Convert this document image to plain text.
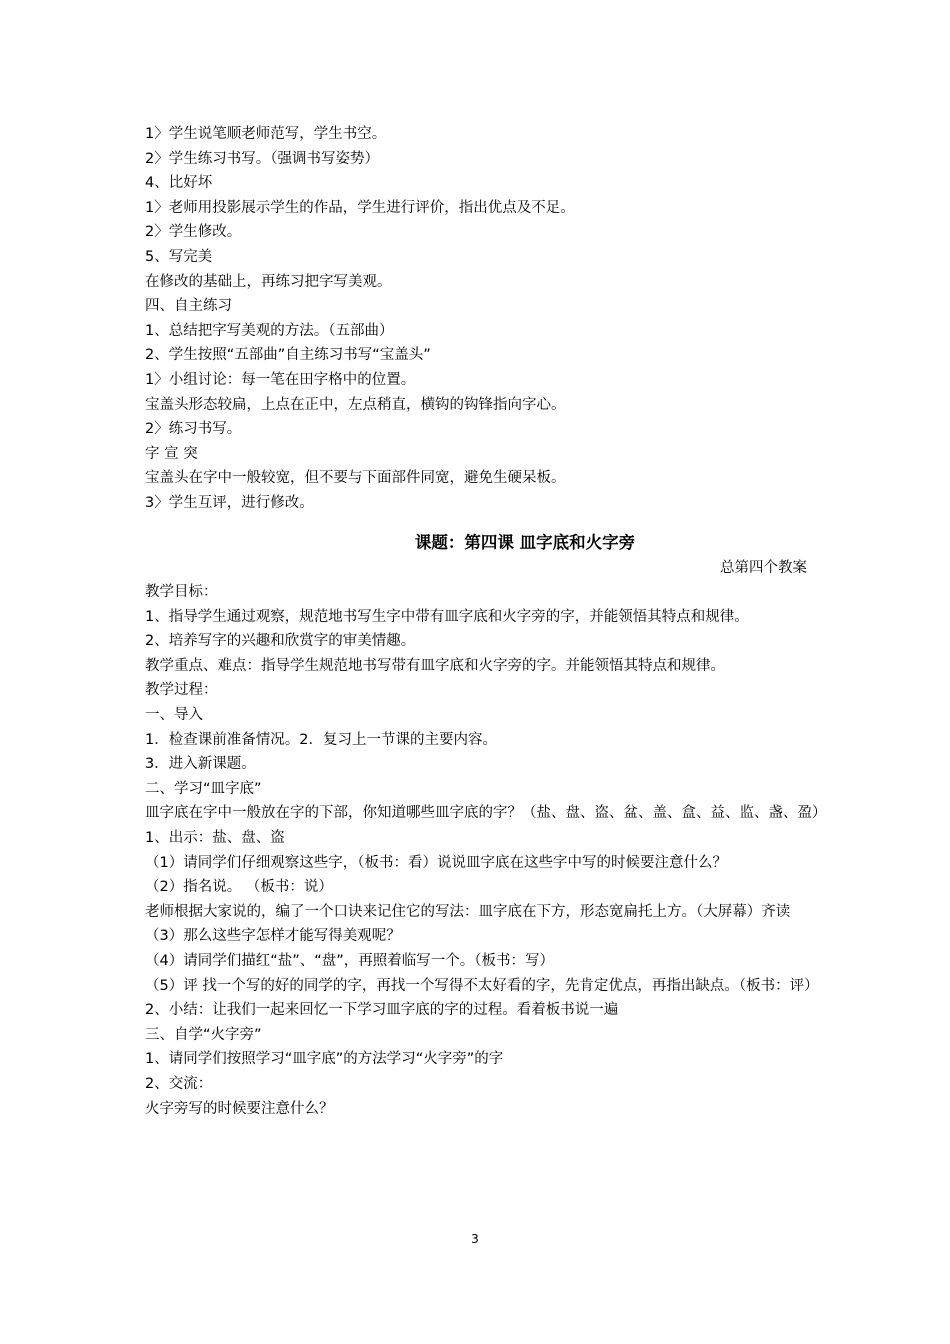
1〉学生说笔顺老师范写，学生书空。
2〉学生练习书写。（强调书写姿势）
4、比好坏
1〉老师用投影展示学生的作品，学生进行评价，指出优点及不足。
2〉学生修改。
5、写完美
在修改的基础上，再练习把字写美观。
四、自主练习
1、总结把字写美观的方法。（五部曲）
2、学生按照“五部曲”自主练习书写“宝盖头”
1〉小组讨论：每一笔在田字格中的位置。
宝盖头形态较扁，上点在正中，左点稍直，横钩的钩锋指向字心。
2〉练习书写。
字 宣 突
宝盖头在字中一般较宽，但不要与下面部件同宽，避免生硬呆板。
3〉学生互评，进行修改。
课题：第四课 皿字底和火字旁
总第四个教案
教学目标：
1、指导学生通过观察，规范地书写生字中带有皿字底和火字旁的字，并能领悟其特点和规律。
2、培养写字的兴趣和欣赏字的审美情趣。
教学重点、难点：指导学生规范地书写带有皿字底和火字旁的字。并能领悟其特点和规律。
教学过程：
一、导入
1．检查课前准备情况。2．复习上一节课的主要内容。
3．进入新课题。
二、学习“皿字底”
皿字底在字中一般放在字的下部，你知道哪些皿字底的字？（盐、盘、盗、盆、盖、盒、益、监、盏、盈）
1、出示：盐、盘、盗
（1）请同学们仔细观察这些字，（板书：看）说说皿字底在这些字中写的时候要注意什么？
（2）指名说。 （板书：说）
老师根据大家说的，编了一个口诀来记住它的写法：皿字底在下方，形态宽扁托上方。（大屏幕）齐读
（3）那么这些字怎样才能写得美观呢？
（4）请同学们描红“盐”、“盘”，再照着临写一个。（板书：写）
（5）评 找一个写的好的同学的字，再找一个写得不太好看的字，先肯定优点，再指出缺点。（板书：评）
2、小结：让我们一起来回忆一下学习皿字底的字的过程。看着板书说一遍
三、自学“火字旁”
1、请同学们按照学习“皿字底”的方法学习“火字旁”的字
2、交流：
火字旁写的时候要注意什么？
3
